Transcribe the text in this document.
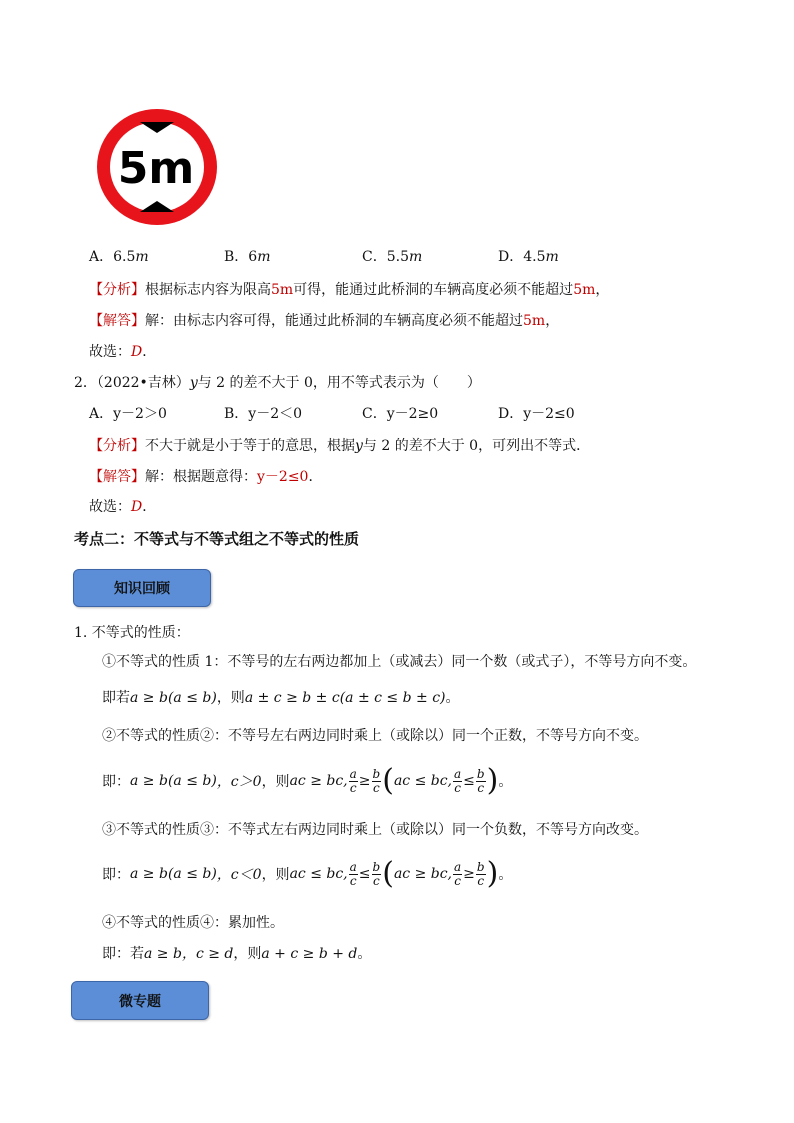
5m
A．6.5m	B．6m	C．5.5m	D．4.5m
【分析】根据标志内容为限高5m可得，能通过此桥洞的车辆高度必须不能超过5m，
【解答】解：由标志内容可得，能通过此桥洞的车辆高度必须不能超过5m，
故选：D．
2．（2022•吉林）y与 2 的差不大于 0，用不等式表示为（　　）
A．y－2＞0	B．y－2＜0	C．y－2≥0	D．y－2≤0
【分析】不大于就是小于等于的意思，根据y与 2 的差不大于 0，可列出不等式．
【解答】解：根据题意得：y－2≤0．
故选：D．
考点二：不等式与不等式组之不等式的性质
知识回顾
1. 不等式的性质：
①不等式的性质 1：不等号的左右两边都加上（或减去）同一个数（或式子），不等号方向不变。
即若a ≥ b(a ≤ b)，则a ± c ≥ b ± c(a ± c ≤ b ± c)。
②不等式的性质②：不等号左右两边同时乘上（或除以）同一个正数，不等号方向不变。
即： a ≥ b(a ≤ b) ，c＞0 ，则 ac ≥ bc, $\frac{a}{c} \ge \frac{b}{c}$ ( ac ≤ bc, $\frac{a}{c} \le \frac{b}{c}$ ) 。
③不等式的性质③：不等式左右两边同时乘上（或除以）同一个负数，不等号方向改变。
即： a ≥ b(a ≤ b) ，c＜0 ，则 ac ≤ bc, $\frac{a}{c} \le \frac{b}{c}$ ( ac ≥ bc, $\frac{a}{c} \ge \frac{b}{c}$ ) 。
④不等式的性质④：累加性。
即：若a ≥ b，c ≥ d，则a + c ≥ b + d。
微专题
